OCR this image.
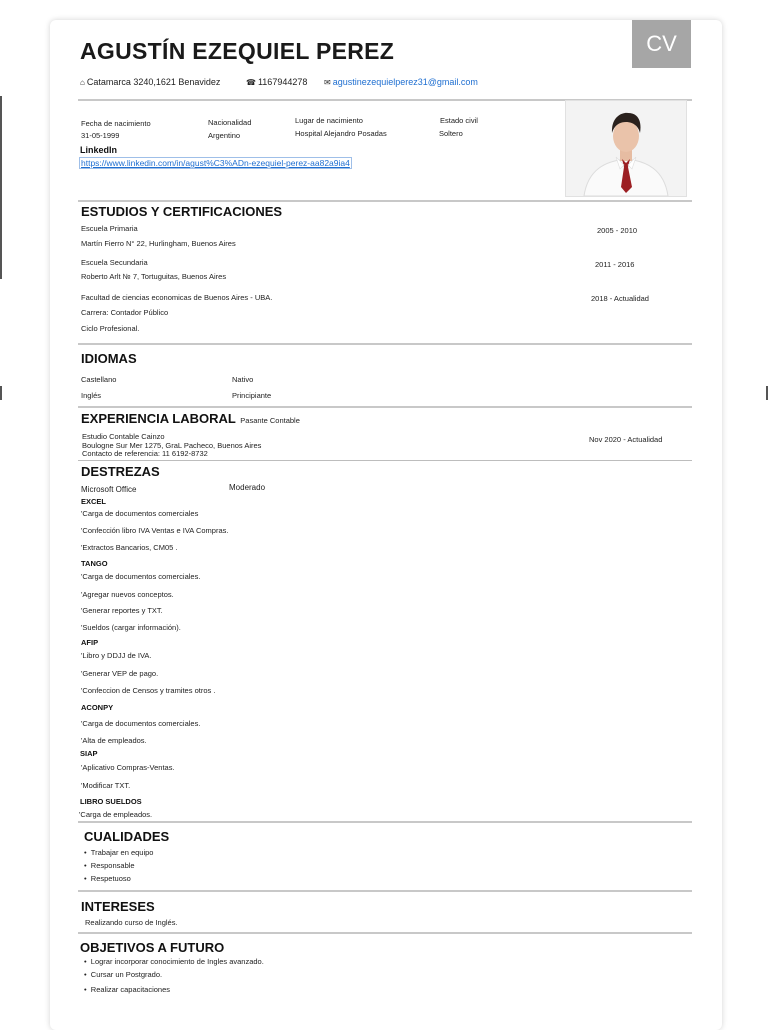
AGUSTÍN EZEQUIEL PEREZ	CV
⌂ Catamarca 3240,1621 Benavidez	☎ 1167944278 ✉ agustinezequielperez31@gmail.com
Fecha de nacimiento
31-05-1999
Nacionalidad
Argentino
Lugar de nacimiento
Hospital Alejandro Posadas
Estado civil
Soltero
LinkedIn
https://www.linkedin.com/in/agust%C3%ADn-ezequiel-perez-aa82a9ia4
ESTUDIOS Y CERTIFICACIONES
Escuela Primaria
Martín Fierro N° 22, Hurlingham, Buenos Aires
2005 - 2010
Escuela Secundaria
Roberto Arlt № 7, Tortuguitas, Buenos Aires
2011 - 2016
Facultad de ciencias economicas de Buenos Aires - UBA.
Carrera: Contador Público
Ciclo Profesional.
2018 - Actualidad
IDIOMAS
Castellano	Nativo
Inglés	Principiante
EXPERIENCIA LABORAL Pasante Contable
Estudio Contable Cainzo
Boulogne Sur Mer 1275, GraL Pacheco, Buenos Aires
Contacto de referencia: 11 6192-8732
Nov 2020 - Actualidad
DESTREZAS
Microsoft Office	Moderado
EXCEL
'Carga de documentos comerciales
'Confección libro IVA Ventas e IVA Compras.
'Extractos Bancarios, CM05 .
TANGO
'Carga de documentos comerciales.
'Agregar nuevos conceptos.
'Generar reportes y TXT.
'Sueldos (cargar información).
AFIP
'Libro y DDJJ de IVA.
'Generar VEP de pago.
'Confeccion de Censos y tramites otros .
ACONPY
'Carga de documentos comerciales.
'Alta de empleados.
SIAP
'Aplicativo Compras-Ventas.
'Modificar TXT.
LIBRO SUELDOS
'Carga de empleados.
CUALIDADES
•  Trabajar en equipo
•  Responsable
•  Respetuoso
INTERESES
Realizando curso de Inglés.
OBJETIVOS A FUTURO
•  Lograr incorporar conocimiento de Ingles avanzado.
•  Cursar un Postgrado.
•  Realizar capacitaciones
